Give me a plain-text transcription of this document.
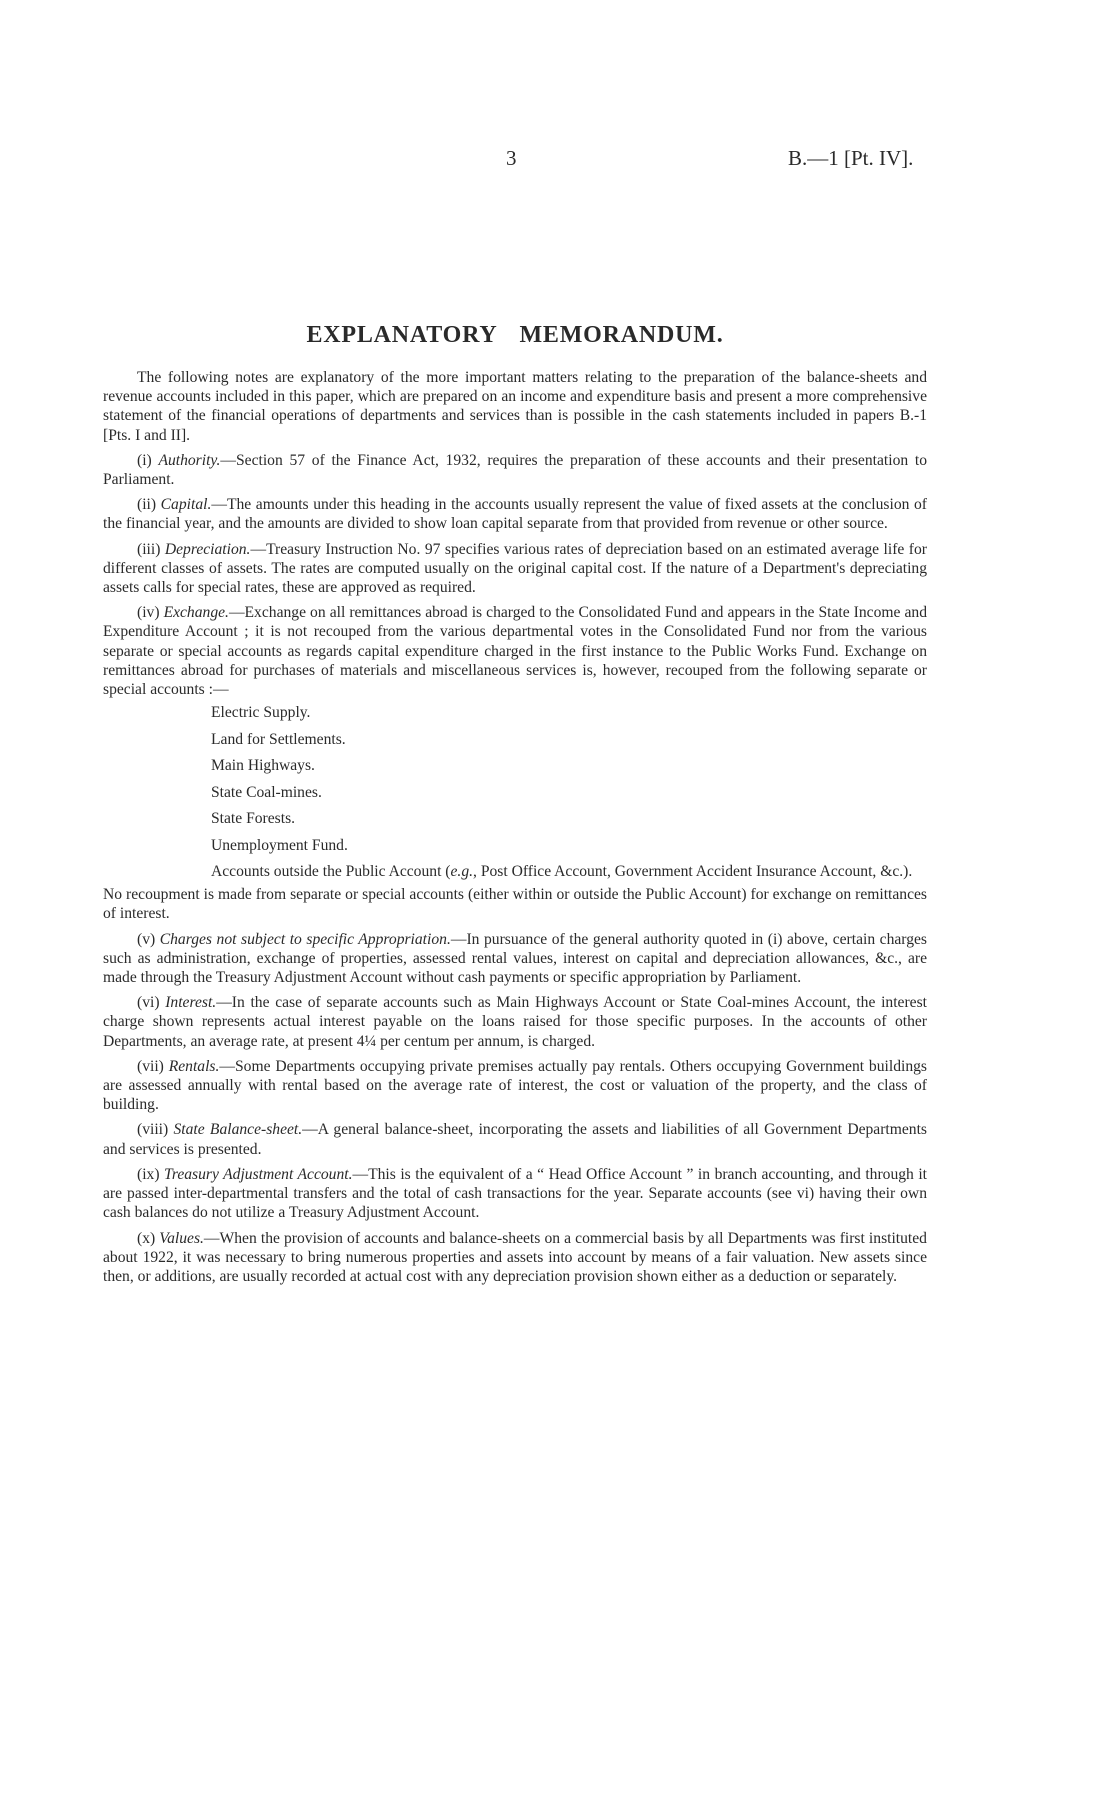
3	B.—1 [Pt. IV].
EXPLANATORY MEMORANDUM.

The following notes are explanatory of the more important matters relating to the preparation of the balance-sheets and revenue accounts included in this paper, which are prepared on an income and expenditure basis and present a more comprehensive statement of the financial operations of departments and services than is possible in the cash statements included in papers B.-1 [Pts. I and II].

(i) Authority.—Section 57 of the Finance Act, 1932, requires the preparation of these accounts and their presentation to Parliament.

(ii) Capital.—The amounts under this heading in the accounts usually represent the value of fixed assets at the conclusion of the financial year, and the amounts are divided to show loan capital separate from that provided from revenue or other source.

(iii) Depreciation.—Treasury Instruction No. 97 specifies various rates of depreciation based on an estimated average life for different classes of assets. The rates are computed usually on the original capital cost. If the nature of a Department's depreciating assets calls for special rates, these are approved as required.

(iv) Exchange.—Exchange on all remittances abroad is charged to the Consolidated Fund and appears in the State Income and Expenditure Account ; it is not recouped from the various departmental votes in the Consolidated Fund nor from the various separate or special accounts as regards capital expenditure charged in the first instance to the Public Works Fund. Exchange on remittances abroad for purchases of materials and miscellaneous services is, however, recouped from the following separate or special accounts :—

Electric Supply.
Land for Settlements.
Main Highways.
State Coal-mines.
State Forests.
Unemployment Fund.
Accounts outside the Public Account (e.g., Post Office Account, Government Accident Insurance Account, &c.).

No recoupment is made from separate or special accounts (either within or outside the Public Account) for exchange on remittances of interest.

(v) Charges not subject to specific Appropriation.—In pursuance of the general authority quoted in (i) above, certain charges such as administration, exchange of properties, assessed rental values, interest on capital and depreciation allowances, &c., are made through the Treasury Adjustment Account without cash payments or specific appropriation by Parliament.

(vi) Interest.—In the case of separate accounts such as Main Highways Account or State Coal-mines Account, the interest charge shown represents actual interest payable on the loans raised for those specific purposes. In the accounts of other Departments, an average rate, at present 4¼ per centum per annum, is charged.

(vii) Rentals.—Some Departments occupying private premises actually pay rentals. Others occupying Government buildings are assessed annually with rental based on the average rate of interest, the cost or valuation of the property, and the class of building.

(viii) State Balance-sheet.—A general balance-sheet, incorporating the assets and liabilities of all Government Departments and services is presented.

(ix) Treasury Adjustment Account.—This is the equivalent of a “ Head Office Account ” in branch accounting, and through it are passed inter-departmental transfers and the total of cash transactions for the year. Separate accounts (see vi) having their own cash balances do not utilize a Treasury Adjustment Account.

(x) Values.—When the provision of accounts and balance-sheets on a commercial basis by all Departments was first instituted about 1922, it was necessary to bring numerous properties and assets into account by means of a fair valuation. New assets since then, or additions, are usually recorded at actual cost with any depreciation provision shown either as a deduction or separately.
